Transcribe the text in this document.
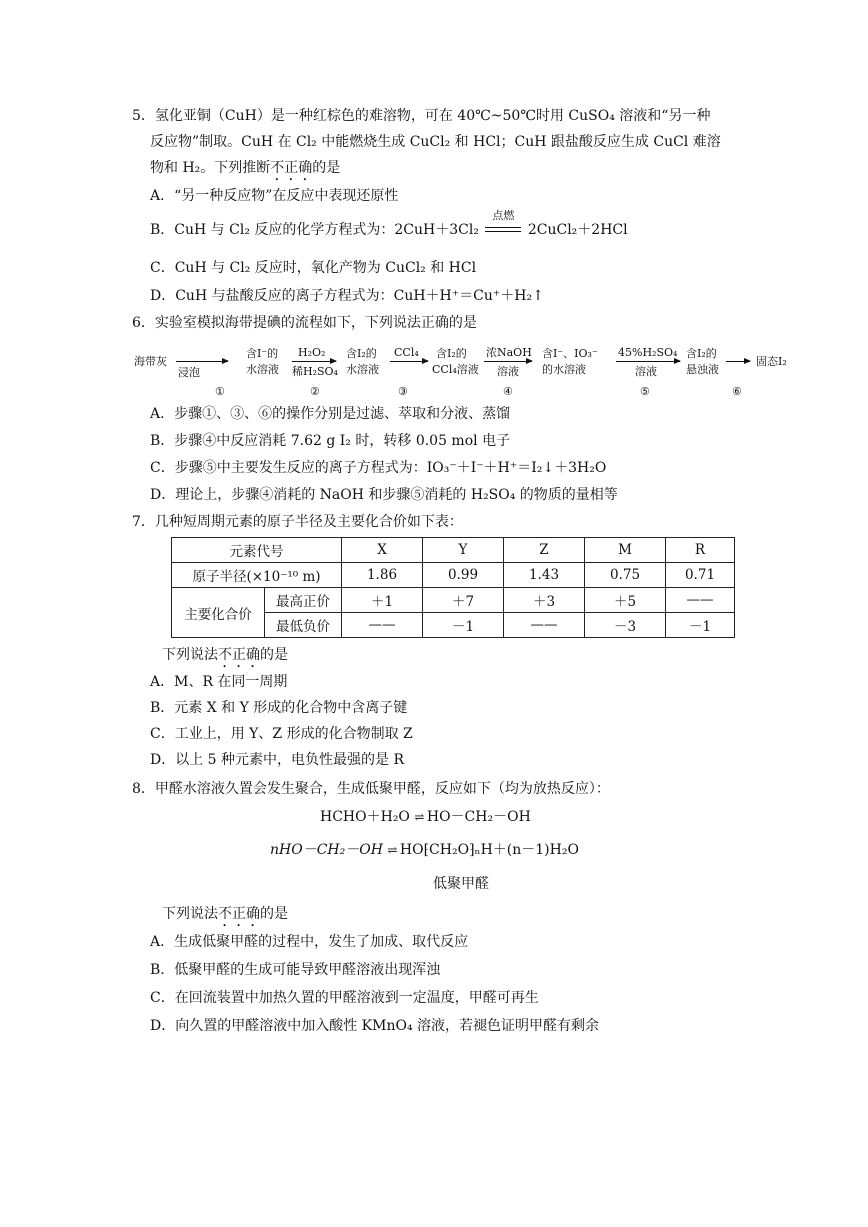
5．氢化亚铜（CuH）是一种红棕色的难溶物，可在 40℃~50℃时用 CuSO₄ 溶液和“另一种
反应物”制取。CuH 在 Cl₂ 中能燃烧生成 CuCl₂ 和 HCl；CuH 跟盐酸反应生成 CuCl 难溶
物和 H₂。下列推断不正确的是
A．“另一种反应物”在反应中表现还原性
B．CuH 与 Cl₂ 反应的化学方程式为：2CuH＋3Cl₂
点燃
2CuCl₂＋2HCl
C．CuH 与 Cl₂ 反应时，氧化产物为 CuCl₂ 和 HCl
D．CuH 与盐酸反应的离子方程式为：CuH＋H⁺＝Cu⁺＋H₂↑
6．实验室模拟海带提碘的流程如下，下列说法正确的是
海带灰
浸泡
①
含I⁻的
水溶液
H₂O₂
稀H₂SO₄
②
含I₂的
水溶液
CCl₄
③
含I₂的
CCl₄溶液
浓NaOH
溶液
④
含I⁻、IO₃⁻
的水溶液
45%H₂SO₄
溶液
⑤
含I₂的
悬浊液
⑥
固态I₂
A．步骤①、③、⑥的操作分别是过滤、萃取和分液、蒸馏
B．步骤④中反应消耗 7.62 g I₂ 时，转移 0.05 mol 电子
C．步骤⑤中主要发生反应的离子方程式为：IO₃⁻＋I⁻＋H⁺＝I₂↓＋3H₂O
D．理论上，步骤④消耗的 NaOH 和步骤⑤消耗的 H₂SO₄ 的物质的量相等
7．几种短周期元素的原子半径及主要化合价如下表：
元素代号		X	Y	Z	M	R
原子半径(×10⁻¹⁰ m)		1.86	0.99	1.43	0.75	0.71
主要化合价	最高正价	＋1	＋7	＋3	＋5	——
	最低负价	——	－1	——	－3	－1
下列说法不正确的是
A．M、R 在同一周期
B．元素 X 和 Y 形成的化合物中含离子键
C．工业上，用 Y、Z 形成的化合物制取 Z
D．以上 5 种元素中，电负性最强的是 R
8．甲醛水溶液久置会发生聚合，生成低聚甲醛，反应如下（均为放热反应）：
HCHO＋H₂O ⇌ HO－CH₂－OH
nHO－CH₂－OH ⇌ HO⁅CH₂O⁆ₙH＋(n－1)H₂O
低聚甲醛
下列说法不正确的是
A．生成低聚甲醛的过程中，发生了加成、取代反应
B．低聚甲醛的生成可能导致甲醛溶液出现浑浊
C．在回流装置中加热久置的甲醛溶液到一定温度，甲醛可再生
D．向久置的甲醛溶液中加入酸性 KMnO₄ 溶液，若褪色证明甲醛有剩余
